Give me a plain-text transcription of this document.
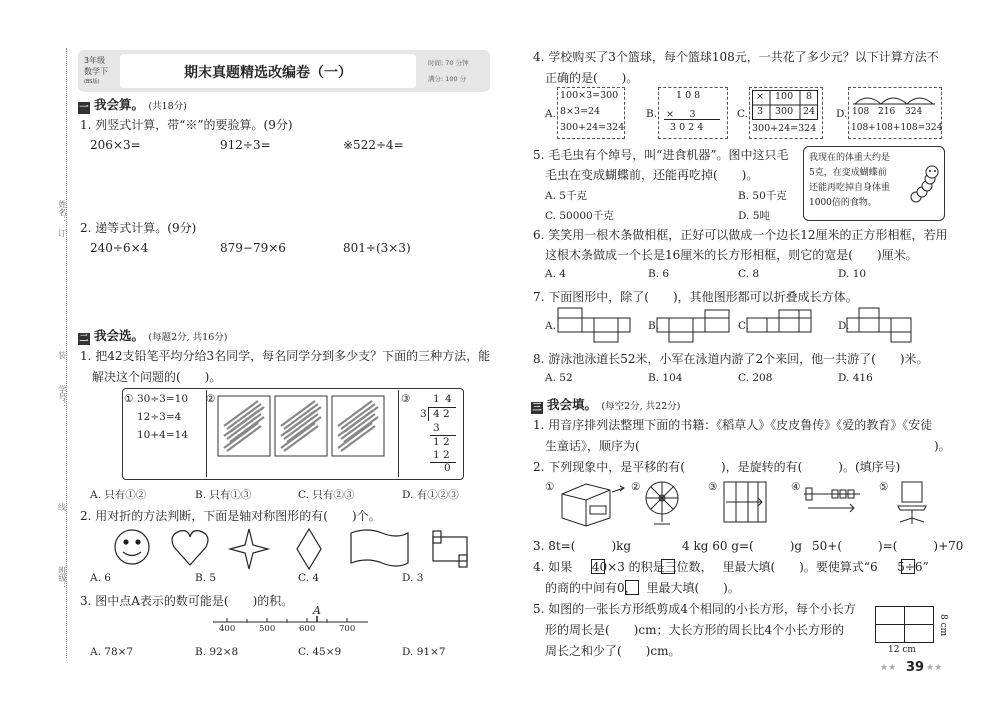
姓名：
订
学号：
装
线
班级：
3年级
数学下
(BS版)
期末真题精选改编卷（一）
时间: 70 分钟
满分: 100 分
一 我会算。 (共18分)
1. 列竖式计算，带“※”的要验算。(9分)
206×3=	912÷3=	※522÷4=
2. 递等式计算。(9分)
240÷6×4	879−79×6	801÷(3×3)
二 我会选。 (每题2分, 共16分)
1. 把42支铅笔平均分给3名同学，每名同学分到多少支？下面的三种方法，能
解决这个问题的(　　)。
① 30÷3=10
12÷3=4
10+4=14
②	③ 1 4
3 4 2
3
1 2
1 2
0
A. 只有①②	B. 只有①③	C. 只有②③	D. 有①②③
2. 用对折的方法判断，下面是轴对称图形的有(　　)个。
A. 6	B. 5	C. 4	D. 3
3. 图中点A表示的数可能是(　　)的积。
A
400	500	600	700
A. 78×7	B. 92×8	C. 45×9	D. 91×7
4. 学校购买了3个篮球，每个篮球108元，一共花了多少元？以下计算方法不
正确的是(　　)。
A.
100×3=300
8×3=24
300+24=324
B.
1 0 8
× 　 3
3 0 2 4
C.
× 100 8
3 300 24
300+24=324
D. 108 216 324
108+108+108=324
5. 毛毛虫有个绰号，叫“进食机器”。图中这只毛
毛虫在变成蝴蝶前，还能再吃掉(　　)。
A. 5千克	B. 50千克
C. 50000千克	D. 5吨
我现在的体重大约是
5克，在变成蝴蝶前
还能再吃掉自身体重
1000倍的食物。
6. 笑笑用一根木条做相框，正好可以做成一个边长12厘米的正方形相框，若用
这根木条做成一个长是16厘米的长方形相框，则它的宽是(　　)厘米。
A. 4	B. 6	C. 8	D. 10
7. 下面图形中，除了(　　)，其他图形都可以折叠成长方体。
A.	B.	C.	D.
8. 游泳池泳道长52米，小军在泳道内游了2个来回，他一共游了(　　)米。
A. 52	B. 104	C. 208	D. 416
三 我会填。 (每空2分, 共22分)
1. 用音序排列法整理下面的书籍：《稻草人》《皮皮鲁传》《爱的教育》《安徒
生童话》，顺序为(	)。
2. 下列现象中，是平移的有(　　　)，是旋转的有(　　　)。(填序号)
①	②	③	④	⑤
3. 8t=(　　　)kg	4 kg 60 g=(　　　)g 50+(　　　)=(　　　)+70
4. 如果 　 40×3 的积是三位数，　 里最大填(　　)。要使算式“6 　 5÷6”
的商的中间有0，　 里最大填(　　)。
5. 如图的一张长方形纸剪成4个相同的小长方形，每个小长方
形的周长是(　　)cm；大长方形的周长比4个小长方形的
周长之和少了(　　)cm。	12 cm
8 cm
★★ 39 ★★
